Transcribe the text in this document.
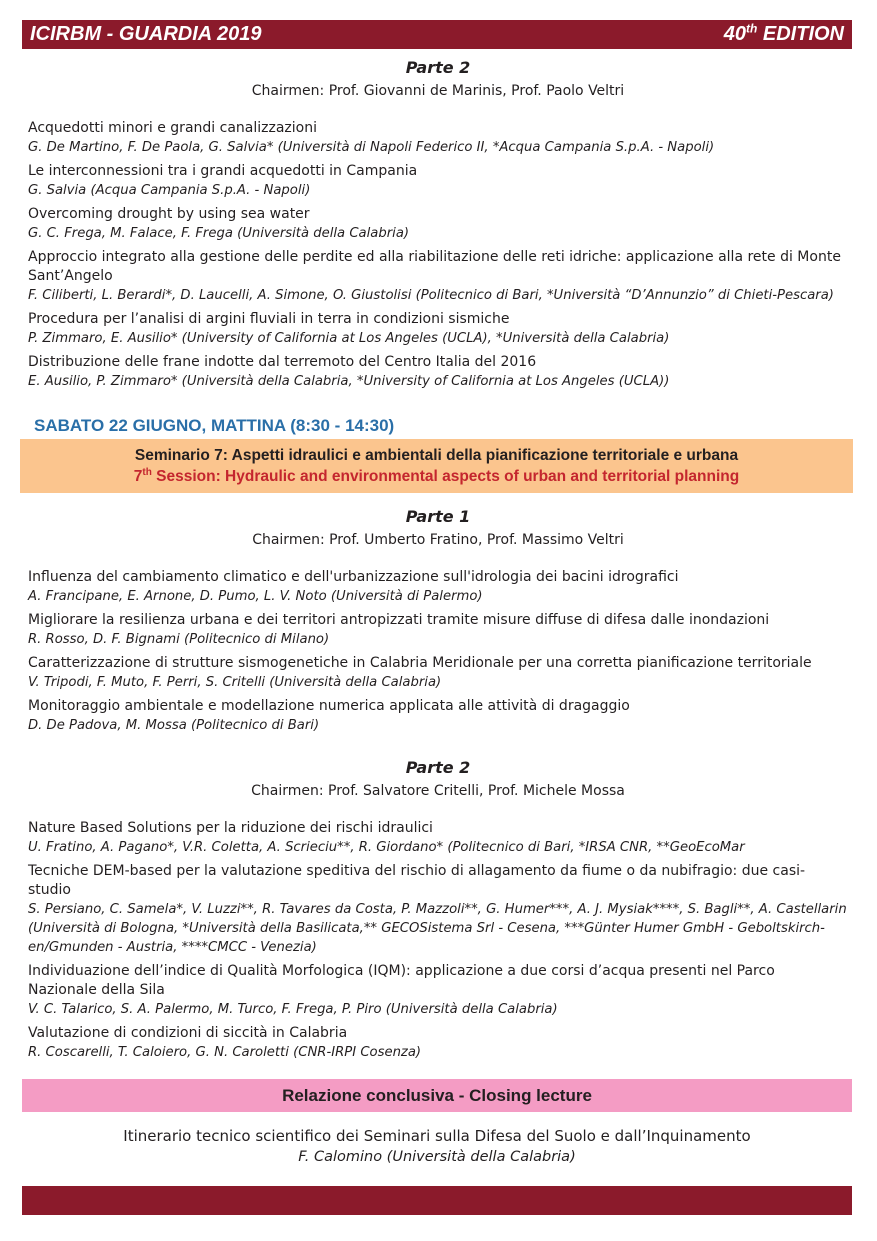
ICIRBM - GUARDIA 2019	40th EDITION

Parte 2

Chairmen: Prof. Giovanni de Marinis, Prof. Paolo Veltri

Acquedotti minori e grandi canalizzazioni
G. De Martino, F. De Paola, G. Salvia* (Università di Napoli Federico II, *Acqua Campania S.p.A. - Napoli)
Le interconnessioni tra i grandi acquedotti in Campania
G. Salvia (Acqua Campania S.p.A. - Napoli)
Overcoming drought by using sea water
G. C. Frega, M. Falace, F. Frega (Università della Calabria)
Approccio integrato alla gestione delle perdite ed alla riabilitazione delle reti idriche: applicazione alla rete di Monte Sant’Angelo
F. Ciliberti, L. Berardi*, D. Laucelli, A. Simone, O. Giustolisi (Politecnico di Bari, *Università “D’Annunzio” di Chieti-Pescara)
Procedura per l’analisi di argini fluviali in terra in condizioni sismiche
P. Zimmaro, E. Ausilio* (University of California at Los Angeles (UCLA), *Università della Calabria)
Distribuzione delle frane indotte dal terremoto del Centro Italia del 2016
E. Ausilio, P. Zimmaro* (Università della Calabria, *University of California at Los Angeles (UCLA))
SABATO 22 GIUGNO, MATTINA (8:30 - 14:30)
Seminario 7: Aspetti idraulici e ambientali della pianificazione territoriale e urbana
7th Session: Hydraulic and environmental aspects of urban and territorial planning

Parte 1

Chairmen: Prof. Umberto Fratino, Prof. Massimo Veltri

Influenza del cambiamento climatico e dell'urbanizzazione sull'idrologia dei bacini idrografici
A. Francipane, E. Arnone, D. Pumo, L. V. Noto (Università di Palermo)
Migliorare la resilienza urbana e dei territori antropizzati tramite misure diffuse di difesa dalle inondazioni
R. Rosso, D. F. Bignami (Politecnico di Milano)
Caratterizzazione di strutture sismogenetiche in Calabria Meridionale per una corretta pianificazione territoriale
V. Tripodi, F. Muto, F. Perri, S. Critelli (Università della Calabria)
Monitoraggio ambientale e modellazione numerica applicata alle attività di dragaggio
D. De Padova, M. Mossa (Politecnico di Bari)

Parte 2

Chairmen: Prof. Salvatore Critelli, Prof. Michele Mossa

Nature Based Solutions per la riduzione dei rischi idraulici
U. Fratino, A. Pagano*, V.R. Coletta, A. Scrieciu**, R. Giordano* (Politecnico di Bari, *IRSA CNR, **GeoEcoMar
Tecniche DEM-based per la valutazione speditiva del rischio di allagamento da fiume o da nubifragio: due casi-studio
S. Persiano, C. Samela*, V. Luzzi**, R. Tavares da Costa, P. Mazzoli**, G. Humer***, A. J. Mysiak****, S. Bagli**, A. Castellarin (Università di Bologna, *Università della Basilicata,** GECOSistema Srl - Cesena, ***Günter Humer GmbH - Geboltskirch-en/Gmunden - Austria, ****CMCC - Venezia)
Individuazione dell’indice di Qualità Morfologica (IQM): applicazione a due corsi d’acqua presenti nel Parco Nazionale della Sila
V. C. Talarico, S. A. Palermo, M. Turco, F. Frega, P. Piro (Università della Calabria)
Valutazione di condizioni di siccità in Calabria
R. Coscarelli, T. Caloiero, G. N. Caroletti (CNR-IRPI Cosenza)
Relazione conclusiva - Closing lecture
Itinerario tecnico scientifico dei Seminari sulla Difesa del Suolo e dall’Inquinamento
F. Calomino (Università della Calabria)
